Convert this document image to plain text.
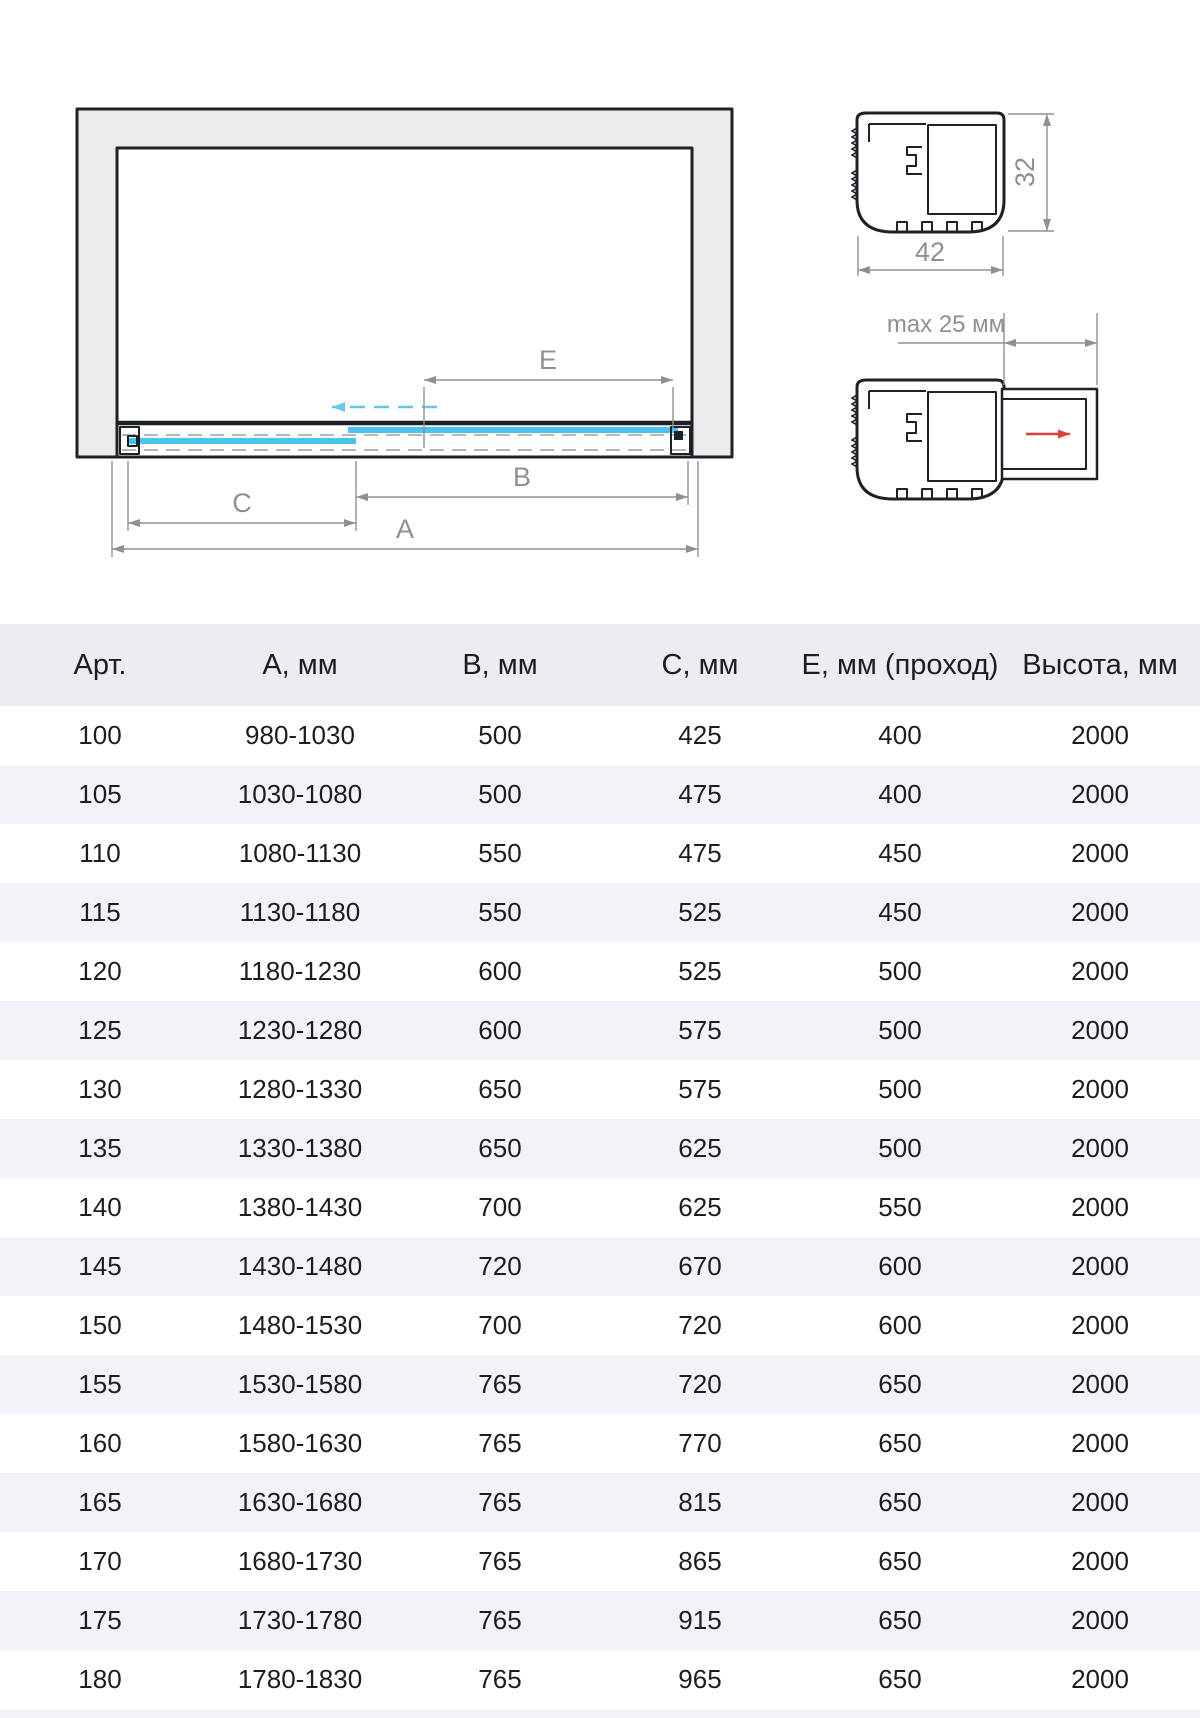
E
B
C
A
32
42
max 25 мм
Арт.	А, мм	В, мм	С, мм	Е, мм (проход)	Высота, мм
100	980-1030	500	425	400	2000
105	1030-1080	500	475	400	2000
110	1080-1130	550	475	450	2000
115	1130-1180	550	525	450	2000
120	1180-1230	600	525	500	2000
125	1230-1280	600	575	500	2000
130	1280-1330	650	575	500	2000
135	1330-1380	650	625	500	2000
140	1380-1430	700	625	550	2000
145	1430-1480	720	670	600	2000
150	1480-1530	700	720	600	2000
155	1530-1580	765	720	650	2000
160	1580-1630	765	770	650	2000
165	1630-1680	765	815	650	2000
170	1680-1730	765	865	650	2000
175	1730-1780	765	915	650	2000
180	1780-1830	765	965	650	2000
